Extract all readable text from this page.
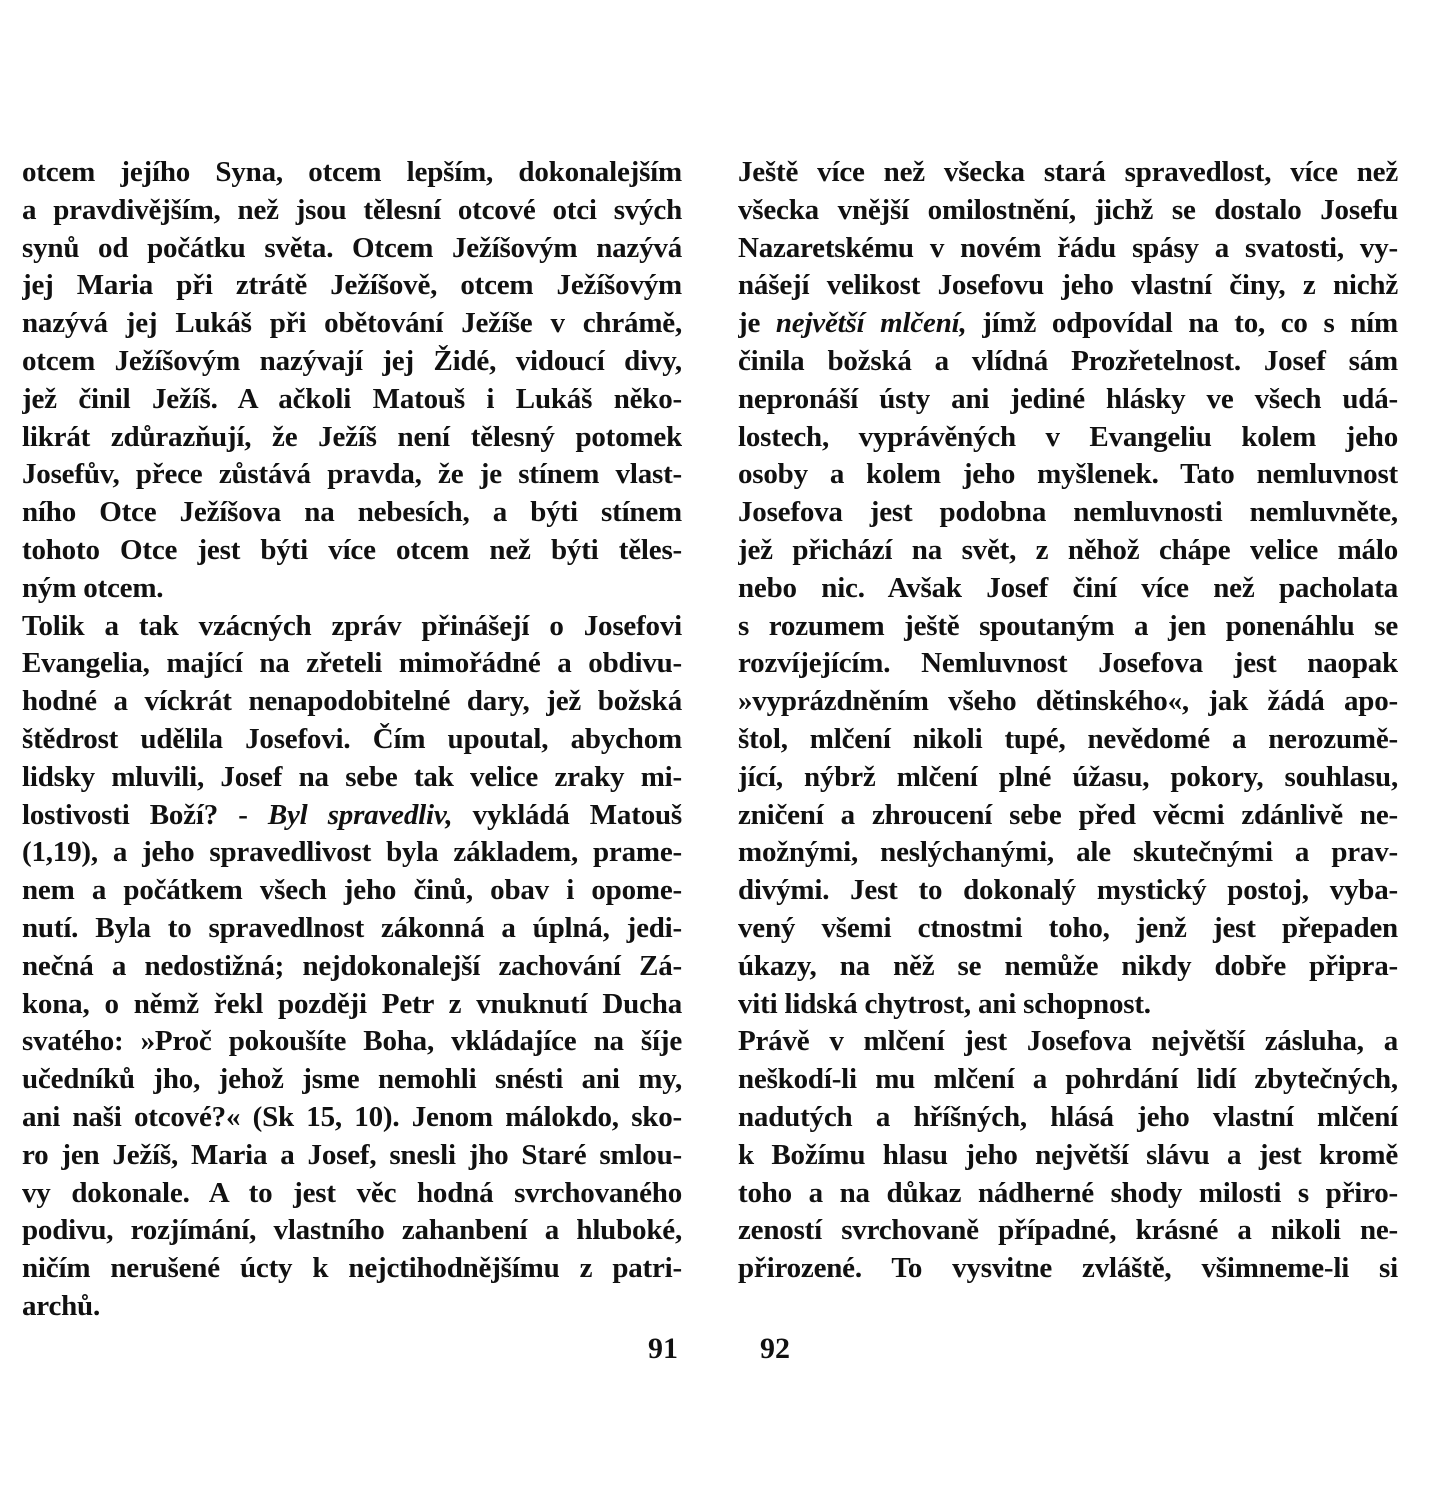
otcem jejího Syna, otcem lepším, dokonalejším
a pravdivějším, než jsou tělesní otcové otci svých
synů od počátku světa. Otcem Ježíšovým nazývá
jej Maria při ztrátě Ježíšově, otcem Ježíšovým
nazývá jej Lukáš při obětování Ježíše v chrámě,
otcem Ježíšovým nazývají jej Židé, vidoucí divy,
jež činil Ježíš. A ačkoli Matouš i Lukáš něko-
likrát zdůrazňují, že Ježíš není tělesný potomek
Josefův, přece zůstává pravda, že je stínem vlast-
ního Otce Ježíšova na nebesích, a býti stínem
tohoto Otce jest býti více otcem než býti těles-
ným otcem.
Tolik a tak vzácných zpráv přinášejí o Josefovi
Evangelia, mající na zřeteli mimořádné a obdivu-
hodné a víckrát nenapodobitelné dary, jež božská
štědrost udělila Josefovi. Čím upoutal, abychom
lidsky mluvili, Josef na sebe tak velice zraky mi-
lostivosti Boží? - Byl spravedliv, vykládá Matouš
(1,19), a jeho spravedlivost byla základem, prame-
nem a počátkem všech jeho činů, obav i opome-
nutí. Byla to spravedlnost zákonná a úplná, jedi-
nečná a nedostižná; nejdokonalejší zachování Zá-
kona, o němž řekl později Petr z vnuknutí Ducha
svatého: »Proč pokoušíte Boha, vkládajíce na šíje
učedníků jho, jehož jsme nemohli snésti ani my,
ani naši otcové?« (Sk 15, 10). Jenom málokdo, sko-
ro jen Ježíš, Maria a Josef, snesli jho Staré smlou-
vy dokonale. A to jest věc hodná svrchovaného
podivu, rozjímání, vlastního zahanbení a hluboké,
ničím nerušené úcty k nejctihodnějšímu z patri-
archů.
Ještě více než všecka stará spravedlost, více než
všecka vnější omilostnění, jichž se dostalo Josefu
Nazaretskému v novém řádu spásy a svatosti, vy-
nášejí velikost Josefovu jeho vlastní činy, z nichž
je největší mlčení, jímž odpovídal na to, co s ním
činila božská a vlídná Prozřetelnost. Josef sám
nepronáší ústy ani jediné hlásky ve všech udá-
lostech, vyprávěných v Evangeliu kolem jeho
osoby a kolem jeho myšlenek. Tato nemluvnost
Josefova jest podobna nemluvnosti nemluvněte,
jež přichází na svět, z něhož chápe velice málo
nebo nic. Avšak Josef činí více než pacholata
s rozumem ještě spoutaným a jen ponenáhlu se
rozvíjejícím. Nemluvnost Josefova jest naopak
»vyprázdněním všeho dětinského«, jak žádá apo-
štol, mlčení nikoli tupé, nevědomé a nerozumě-
jící, nýbrž mlčení plné úžasu, pokory, souhlasu,
zničení a zhroucení sebe před věcmi zdánlivě ne-
možnými, neslýchanými, ale skutečnými a prav-
divými. Jest to dokonalý mystický postoj, vyba-
vený všemi ctnostmi toho, jenž jest přepaden
úkazy, na něž se nemůže nikdy dobře připra-
viti lidská chytrost, ani schopnost.
Právě v mlčení jest Josefova největší zásluha, a
neškodí-li mu mlčení a pohrdání lidí zbytečných,
nadutých a hříšných, hlásá jeho vlastní mlčení
k Božímu hlasu jeho největší slávu a jest kromě
toho a na důkaz nádherné shody milosti s přiro-
zeností svrchovaně případné, krásné a nikoli ne-
přirozené. To vysvitne zvláště, všimneme-li si
91	92
